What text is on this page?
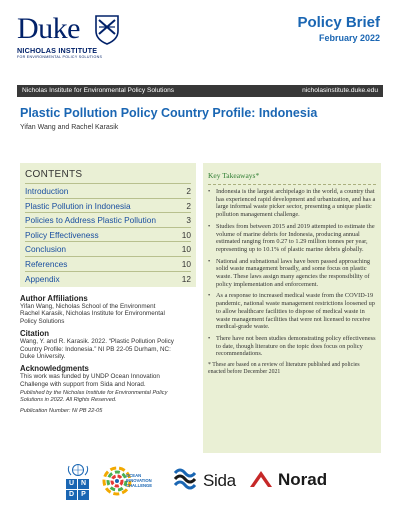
Duke
NICHOLAS INSTITUTE
FOR ENVIRONMENTAL POLICY SOLUTIONS
Policy Brief
February 2022
Nicholas Institute for Environmental Policy Solutions	nicholasinstitute.duke.edu
Plastic Pollution Policy Country Profile: Indonesia
Yifan Wang and Rachel Karasik
CONTENTS
Introduction	2
Plastic Pollution in Indonesia	2
Policies to Address Plastic Pollution	3
Policy Effectiveness	10
Conclusion	10
References	10
Appendix	12
Author Affiliations
Yifan Wang, Nicholas School of the Environment
Rachel Karasik, Nicholas Institute for Environmental
Policy Solutions
Citation
Wang, Y. and R. Karasik. 2022. “Plastic Pollution Policy
Country Profile: Indonesia.” NI PB 22-05 Durham, NC:
Duke University.
Acknowledgments
This work was funded by UNDP Ocean Innovation
Challenge with support from Sida and Norad.
Published by the Nicholas Institute for Environmental Policy
Solutions in 2022. All Rights Reserved.
Publication Number: NI PB 22-05
Key Takeaways*
• Indonesia is the largest archipelago in the world, a country that has experienced rapid development and urbanization, and has a large informal waste picker sector, presenting a unique plastic pollution management challenge.
• Studies from between 2015 and 2019 attempted to estimate the volume of marine debris for Indonesia, producing annual estimated ranging from 0.27 to 1.29 million tonnes per year, representing up to 10.1% of plastic marine debris globally.
• National and subnational laws have been passed approaching solid waste management broadly, and some focus on plastic waste. These laws assign many agencies the responsibility of policy implementation and enforcement.
• As a response to increased medical waste from the COVID-19 pandemic, national waste management restrictions loosened up to allow healthcare facilities to dispose of medical waste in waste management facilities that were not licensed to receive medical-grade waste.
• There have not been studies demonstrating policy effectiveness to date, though literature on the topic does focus on policy recommendations.
* These are based on a review of literature published and policies enacted before December 2021
U N
D	P
OCEAN
INNOVATION
CHALLENGE	Sida Norad
